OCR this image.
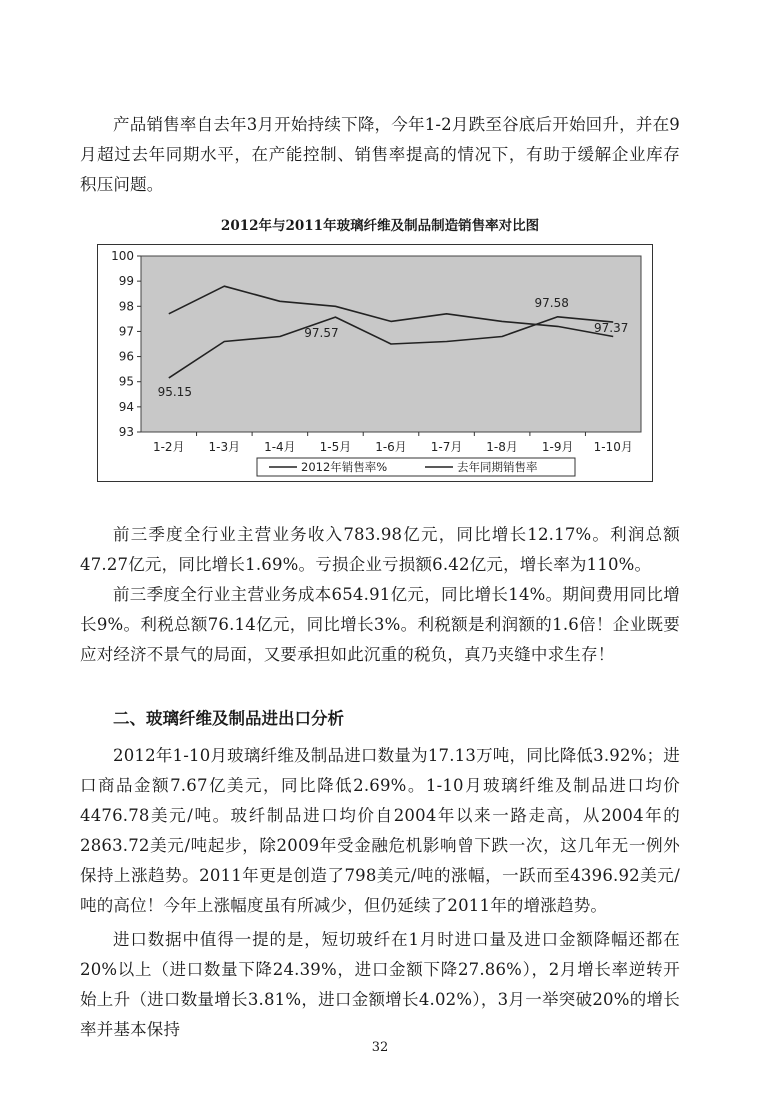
产品销售率自去年3月开始持续下降，今年1-2月跌至谷底后开始回升，并在9月超过去年同期水平，在产能控制、销售率提高的情况下，有助于缓解企业库存积压问题。

2012年与2011年玻璃纤维及制品制造销售率对比图

100
99
98
97
96
95
94
93
1-2月 1-3月 1-4月 1-5月 1-6月 1-7月 1-8月 1-9月 1-10月
95.15
97.57
97.58
97.37
2012年销售率%	去年同期销售率

前三季度全行业主营业务收入783.98亿元，同比增长12.17%。利润总额47.27亿元，同比增长1.69%。亏损企业亏损额6.42亿元，增长率为110%。

前三季度全行业主营业务成本654.91亿元，同比增长14%。期间费用同比增长9%。利税总额76.14亿元，同比增长3%。利税额是利润额的1.6倍！企业既要应对经济不景气的局面，又要承担如此沉重的税负，真乃夹缝中求生存！

二、玻璃纤维及制品进出口分析

2012年1-10月玻璃纤维及制品进口数量为17.13万吨，同比降低3.92%；进口商品金额7.67亿美元，同比降低2.69%。1-10月玻璃纤维及制品进口均价4476.78美元/吨。玻纤制品进口均价自2004年以来一路走高，从2004年的2863.72美元/吨起步，除2009年受金融危机影响曾下跌一次，这几年无一例外保持上涨趋势。2011年更是创造了798美元/吨的涨幅，一跃而至4396.92美元/吨的高位！今年上涨幅度虽有所减少，但仍延续了2011年的增涨趋势。

进口数据中值得一提的是，短切玻纤在1月时进口量及进口金额降幅还都在20%以上（进口数量下降24.39%，进口金额下降27.86%），2月增长率逆转开始上升（进口数量增长3.81%，进口金额增长4.02%），3月一举突破20%的增长率并基本保持

32
